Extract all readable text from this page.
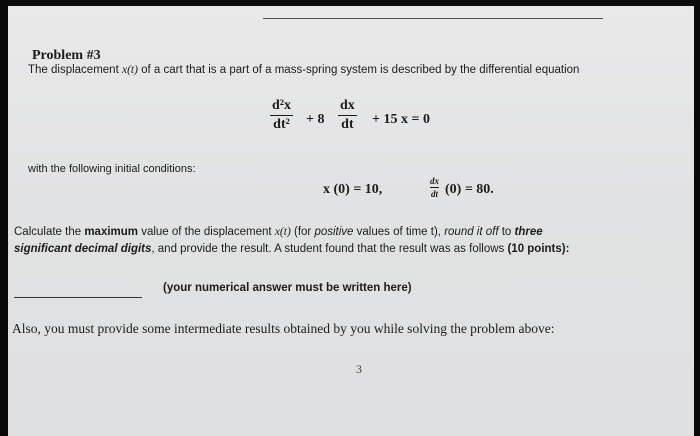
Problem #3
The displacement x(t) of a cart that is a part of a mass-spring system is described by the differential equation
d²x
dt² + 8
dx
dt + 15 x = 0
with the following initial conditions:
x (0) = 10,
dx
dt (0) = 80.
Calculate the maximum value of the displacement x(t) (for positive values of time t), round it off to three
significant decimal digits, and provide the result. A student found that the result was as follows (10 points):
(your numerical answer must be written here)
Also, you must provide some intermediate results obtained by you while solving the problem above:
3
